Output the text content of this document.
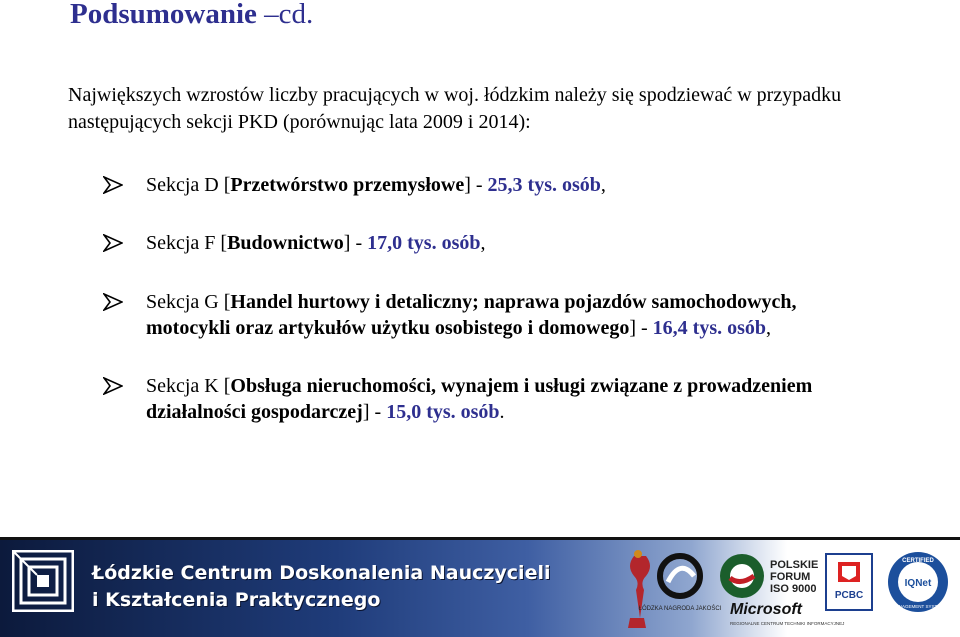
Podsumowanie –cd.

Największych wzrostów liczby pracujących w woj. łódzkim należy się spodziewać w przypadku następujących sekcji PKD (porównując lata 2009 i 2014):

Sekcja D [Przetwórstwo przemysłowe] - 25,3 tys. osób,
Sekcja F [Budownictwo] - 17,0 tys. osób,
Sekcja G [Handel hurtowy i detaliczny; naprawa pojazdów samochodowych, motocykli oraz artykułów użytku osobistego i domowego] - 16,4 tys. osób,
Sekcja K [Obsługa nieruchomości, wynajem i usługi związane z prowadzeniem działalności gospodarczej] - 15,0 tys. osób.
Łódzkie Centrum Doskonalenia Nauczycieli
i Kształcenia Praktycznego	ŁÓDZKA NAGRODA JAKOŚCI
POLSKIE
FORUM
ISO 9000
Microsoft
REGIONALNE CENTRUM TECHNIKI INFORMACYJNEJ
PCBC
CERTIFIED
IQNet
MANAGEMENT SYSTEM
